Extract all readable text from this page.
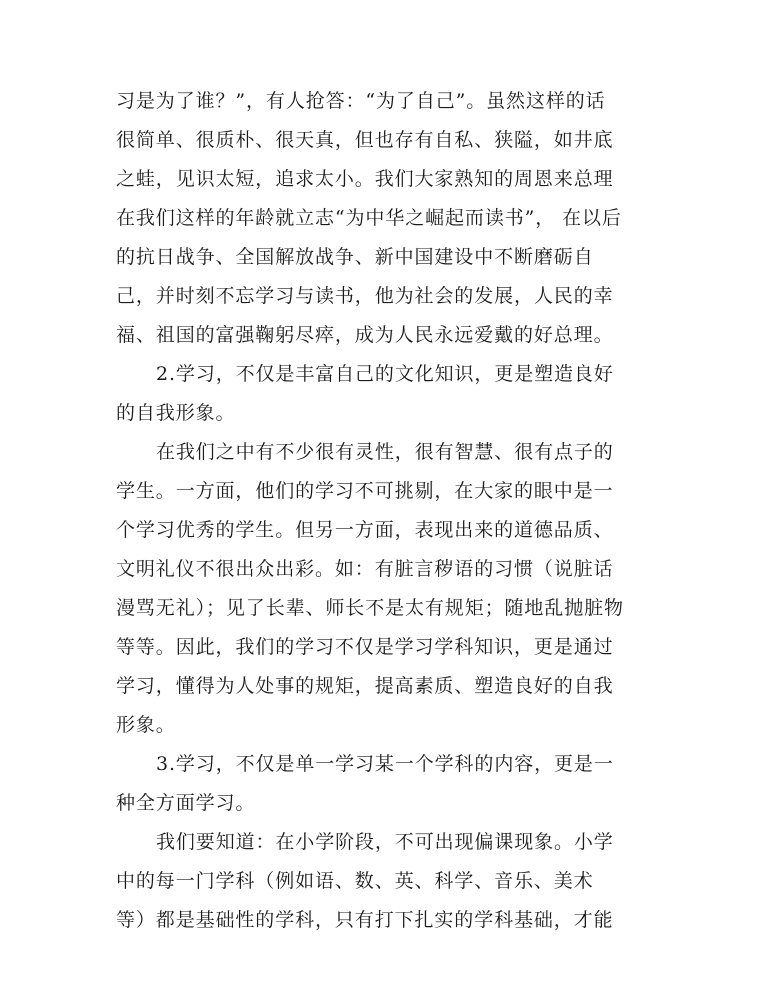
习是为了谁？”，有人抢答：“为了自己”。虽然这样的话
很简单、很质朴、很天真，但也存有自私、狭隘，如井底
之蛙，见识太短，追求太小。我们大家熟知的周恩来总理
在我们这样的年龄就立志“为中华之崛起而读书”， 在以后
的抗日战争、全国解放战争、新中国建设中不断磨砺自
己，并时刻不忘学习与读书，他为社会的发展，人民的幸
福、祖国的富强鞠躬尽瘁，成为人民永远爱戴的好总理。
2.学习，不仅是丰富自己的文化知识，更是塑造良好
的自我形象。
在我们之中有不少很有灵性，很有智慧、很有点子的
学生。一方面，他们的学习不可挑剔，在大家的眼中是一
个学习优秀的学生。但另一方面，表现出来的道德品质、
文明礼仪不很出众出彩。如：有脏言秽语的习惯（说脏话
漫骂无礼）；见了长辈、师长不是太有规矩；随地乱抛脏物
等等。因此，我们的学习不仅是学习学科知识，更是通过
学习，懂得为人处事的规矩，提高素质、塑造良好的自我
形象。
3.学习，不仅是单一学习某一个学科的内容，更是一
种全方面学习。
我们要知道：在小学阶段，不可出现偏课现象。小学
中的每一门学科（例如语、数、英、科学、音乐、美术
等）都是基础性的学科，只有打下扎实的学科基础，才能
